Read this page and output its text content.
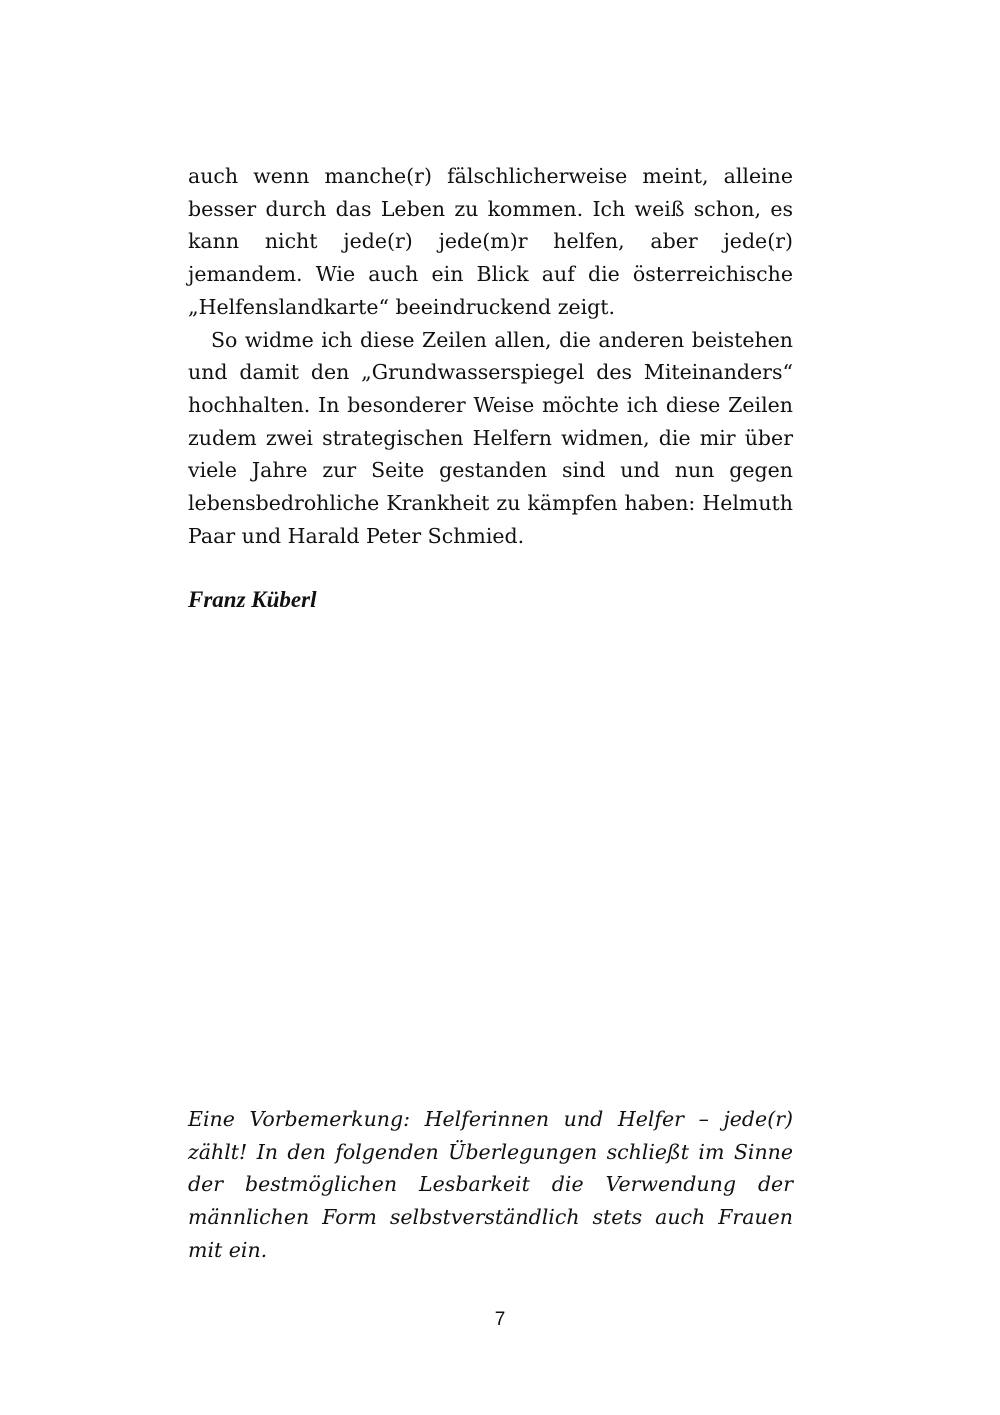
auch wenn manche(r) fälschlicherweise meint, alleine besser durch das Leben zu kommen. Ich weiß schon, es kann nicht jede(r) jede(m)r helfen, aber jede(r) jemandem. Wie auch ein Blick auf die österreichische „Helfenslandkarte“ beeindruckend zeigt.

So widme ich diese Zeilen allen, die anderen beistehen und damit den „Grundwasserspiegel des Miteinanders“ hochhalten. In besonderer Weise möchte ich diese Zeilen zudem zwei strategischen Helfern widmen, die mir über viele Jahre zur Seite gestanden sind und nun gegen lebensbedrohliche Krankheit zu kämpfen haben: Helmuth Paar und Harald Peter Schmied.

Franz Küberl

Eine Vorbemerkung: Helferinnen und Helfer – jede(r) zählt! In den folgenden Überlegungen schließt im Sinne der bestmöglichen Lesbarkeit die Verwendung der männlichen Form selbstverständlich stets auch Frauen mit ein.

7
